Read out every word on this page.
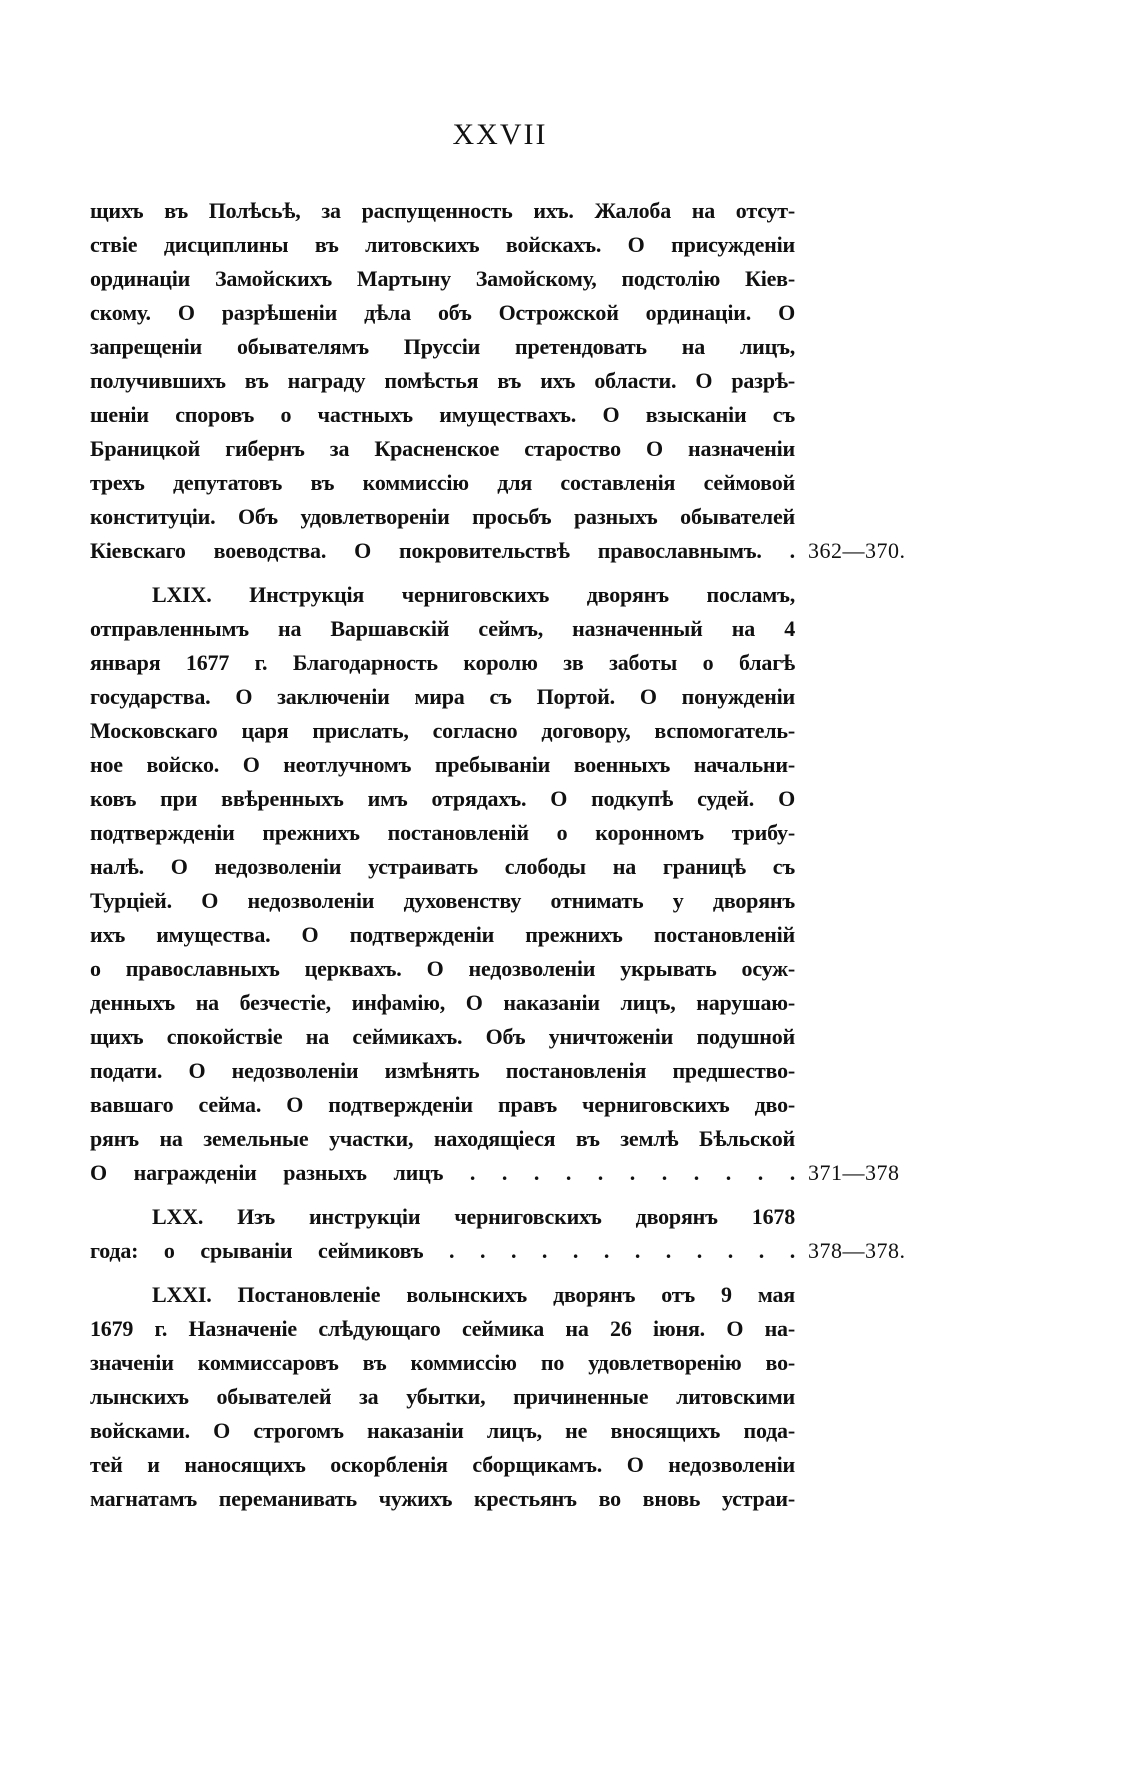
XXVII
щихъ въ Полѣсьѣ, за распущенность ихъ. Жалоба на отсут-
ствіе дисциплины въ литовскихъ войскахъ. О присужденіи
ординаціи Замойскихъ Мартыну Замойскому, подстолію Кіев-
скому. О разрѣшеніи дѣла объ Острожской ординаціи. О
запрещеніи обывателямъ Пруссіи претендовать на лицъ,
получившихъ въ награду помѣстья въ ихъ области. О разрѣ-
шеніи споровъ о частныхъ имуществахъ. О взысканіи съ
Браницкой гибернъ за Красненское староство О назначеніи
трехъ депутатовъ въ коммиссію для составленія сеймовой
конституціи. Объ удовлетвореніи просьбъ разныхъ обывателей
Кіевскаго воеводства. О покровительствѣ православнымъ. . 362—370.
LXIX. Инструкція черниговскихъ дворянъ посламъ,
отправленнымъ на Варшавскій сеймъ, назначенный на 4
января 1677 г. Благодарность королю зв заботы о благѣ
государства. О заключеніи мира съ Портой. О понужденіи
Московскаго царя прислать, согласно договору, вспомогатель-
ное войско. О неотлучномъ пребываніи военныхъ начальни-
ковъ при ввѣренныхъ имъ отрядахъ. О подкупѣ судей. О
подтвержденіи прежнихъ постановленій о коронномъ трибу-
налѣ. О недозволеніи устраивать слободы на границѣ съ
Турціей. О недозволеніи духовенству отнимать у дворянъ
ихъ имущества. О подтвержденіи прежнихъ постановленій
о православныхъ церквахъ. О недозволеніи укрывать осуж-
денныхъ на безчестіе, инфамію, О наказаніи лицъ, нарушаю-
щихъ спокойствіе на сеймикахъ. Объ уничтоженіи подушной
подати. О недозволеніи измѣнять постановленія предшество-
вавшаго сейма. О подтвержденіи правъ черниговскихъ дво-
рянъ на земельные участки, находящіеся въ землѣ Бѣльской
О награжденіи разныхъ лицъ . . . . . . . . . . . 371—378
LXX. Изъ инструкціи черниговскихъ дворянъ 1678
года: о срываніи сеймиковъ . . . . . . . . . . . . 378—378.
LXXI. Постановленіе волынскихъ дворянъ отъ 9 мая
1679 г. Назначеніе слѣдующаго сеймика на 26 іюня. О на-
значеніи коммиссаровъ въ коммиссію по удовлетворенію во-
лынскихъ обывателей за убытки, причиненные литовскими
войсками. О строгомъ наказаніи лицъ, не вносящихъ пода-
тей и наносящихъ оскорбленія сборщикамъ. О недозволеніи
магнатамъ перемaнивать чужихъ крестьянъ во вновь устраи-
